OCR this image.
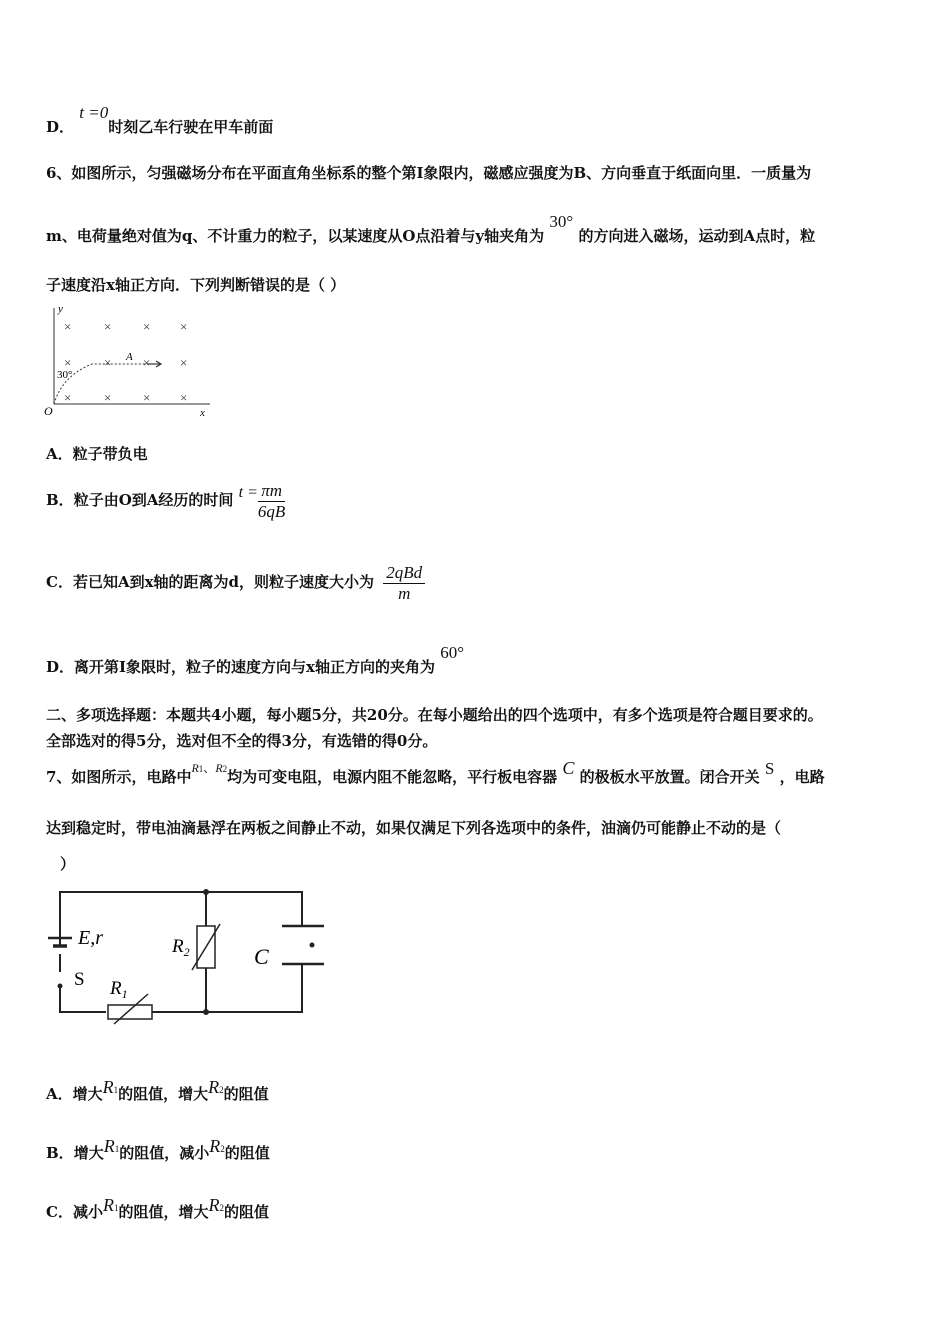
D． t =0时刻乙车行驶在甲车前面
6、如图所示，匀强磁场分布在平面直角坐标系的整个第Ⅰ象限内，磁感应强度为B、方向垂直于纸面向里．一质量为
m、电荷量绝对值为q、不计重力的粒子，以某速度从O点沿着与y轴夹角为 30° 的方向进入磁场，运动到A点时，粒
子速度沿x轴正方向．下列判断错误的是（ ）
y
x
O
×	× × ×
×	× × ×
×	× × ×
A
30°
A．粒子带负电
B．粒子由O到A经历的时间 $t = \frac{\pi m}{6qB}$
C．若已知A到x轴的距离为d，则粒子速度大小为 $\frac{\text{2qBd}}{m}$
D．离开第Ⅰ象限时，粒子的速度方向与x轴正方向的夹角为 60°
二、多项选择题：本题共4小题，每小题5分，共20分。在每小题给出的四个选项中，有多个选项是符合题目要求的。
全部选对的得5分，选对但不全的得3分，有选错的得0分。
7、如图所示，电路中$^{R1、R2}$均为可变电阻，电源内阻不能忽略，平行板电容器 C 的极板水平放置。闭合开关 S ，电路
达到稳定时，带电油滴悬浮在两板之间静止不动，如果仅满足下列各选项中的条件，油滴仍可能静止不动的是（
）
E,r
S $R_1$
$R_2$	C
A．增大R1的阻值，增大R2的阻值
B．增大R1的阻值，减小R2的阻值
C．减小R1的阻值，增大R2的阻值
